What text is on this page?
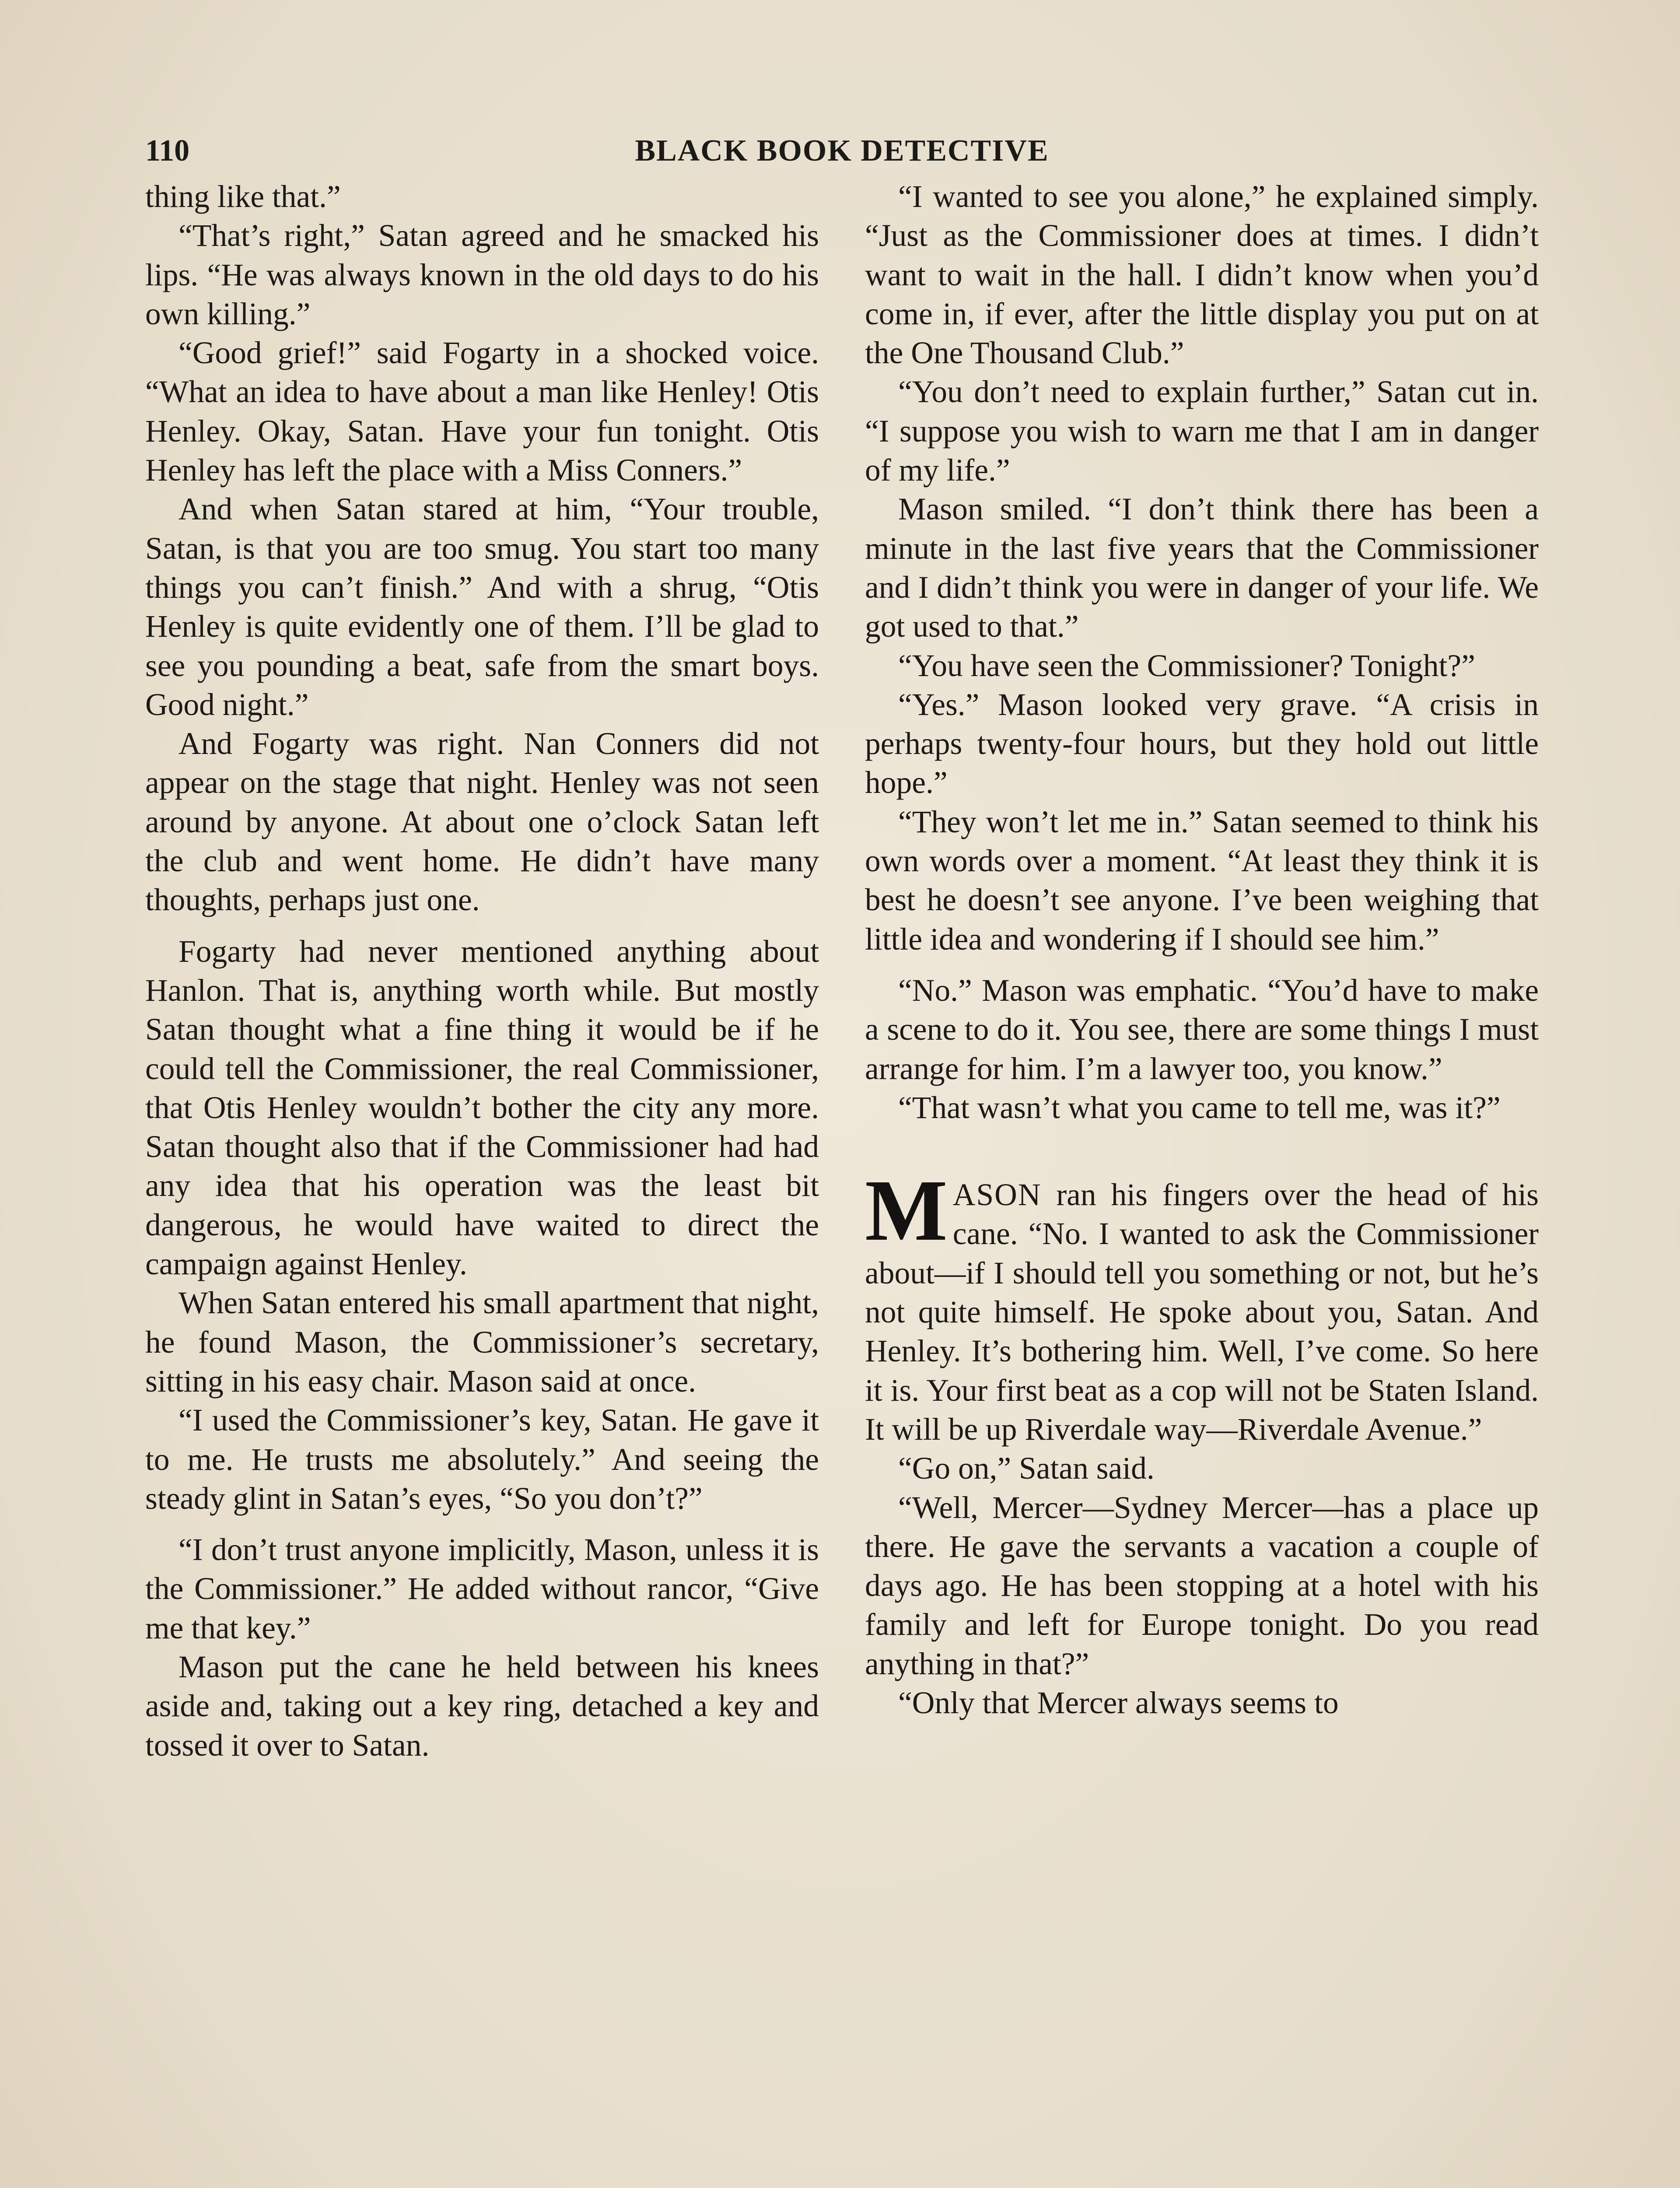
110	BLACK BOOK DETECTIVE

thing like that.”

“That’s right,” Satan agreed and he smacked his lips. “He was always known in the old days to do his own killing.”

“Good grief!” said Fogarty in a shocked voice. “What an idea to have about a man like Henley! Otis Henley. Okay, Satan. Have your fun tonight. Otis Henley has left the place with a Miss Conners.”

And when Satan stared at him, “Your trouble, Satan, is that you are too smug. You start too many things you can’t finish.” And with a shrug, “Otis Henley is quite evidently one of them. I’ll be glad to see you pounding a beat, safe from the smart boys. Good night.”

And Fogarty was right. Nan Conners did not appear on the stage that night. Henley was not seen around by anyone. At about one o’clock Satan left the club and went home. He didn’t have many thoughts, perhaps just one.

Fogarty had never mentioned anything about Hanlon. That is, anything worth while. But mostly Satan thought what a fine thing it would be if he could tell the Commissioner, the real Commissioner, that Otis Henley wouldn’t bother the city any more. Satan thought also that if the Commissioner had had any idea that his operation was the least bit dangerous, he would have waited to direct the campaign against Henley.

When Satan entered his small apartment that night, he found Mason, the Commissioner’s secretary, sitting in his easy chair. Mason said at once.

“I used the Commissioner’s key, Satan. He gave it to me. He trusts me absolutely.” And seeing the steady glint in Satan’s eyes, “So you don’t?”

“I don’t trust anyone implicitly, Mason, unless it is the Commissioner.” He added without rancor, “Give me that key.”

Mason put the cane he held between his knees aside and, taking out a key ring, detached a key and tossed it over to Satan.

“I wanted to see you alone,” he explained simply. “Just as the Commissioner does at times. I didn’t want to wait in the hall. I didn’t know when you’d come in, if ever, after the little display you put on at the One Thousand Club.”

“You don’t need to explain further,” Satan cut in. “I suppose you wish to warn me that I am in danger of my life.”

Mason smiled. “I don’t think there has been a minute in the last five years that the Commissioner and I didn’t think you were in danger of your life. We got used to that.”

“You have seen the Commissioner? Tonight?”

“Yes.” Mason looked very grave. “A crisis in perhaps twenty-four hours, but they hold out little hope.”

“They won’t let me in.” Satan seemed to think his own words over a moment. “At least they think it is best he doesn’t see anyone. I’ve been weighing that little idea and wondering if I should see him.”

“No.” Mason was emphatic. “You’d have to make a scene to do it. You see, there are some things I must arrange for him. I’m a lawyer too, you know.”

“That wasn’t what you came to tell me, was it?”

MASON ran his fingers over the head of his cane. “No. I wanted to ask the Commissioner about—if I should tell you something or not, but he’s not quite himself. He spoke about you, Satan. And Henley. It’s bothering him. Well, I’ve come. So here it is. Your first beat as a cop will not be Staten Island. It will be up Riverdale way—Riverdale Avenue.”

“Go on,” Satan said.

“Well, Mercer—Sydney Mercer—has a place up there. He gave the servants a vacation a couple of days ago. He has been stopping at a hotel with his family and left for Europe tonight. Do you read anything in that?”

“Only that Mercer always seems to
